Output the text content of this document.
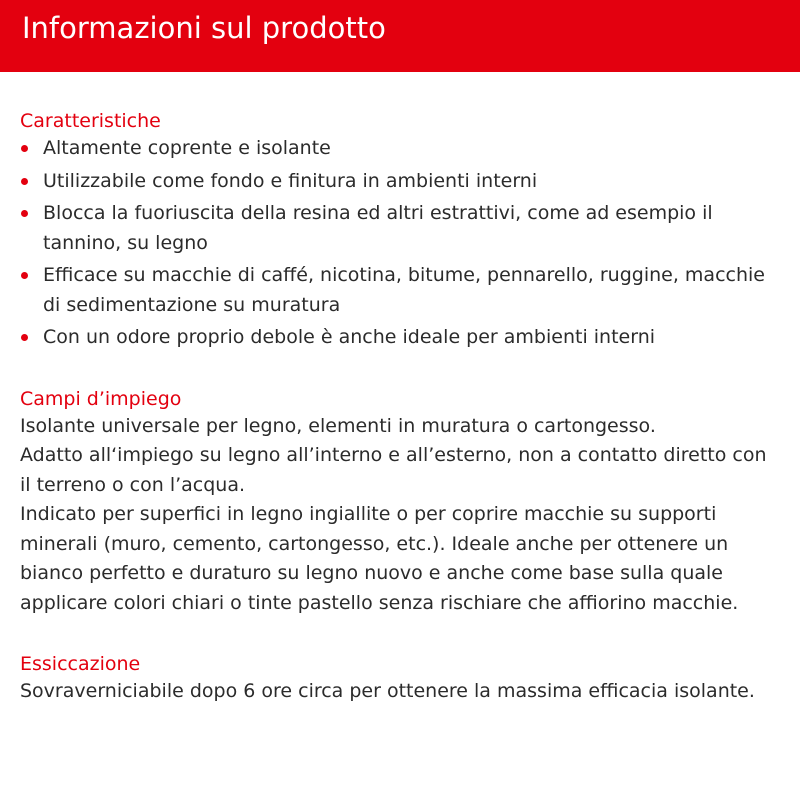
Informazioni sul prodotto
Caratteristiche
Altamente coprente e isolante
Utilizzabile come fondo e finitura in ambienti interni
Blocca la fuoriuscita della resina ed altri estrattivi, come ad esempio il tannino, su legno
Efficace su macchie di caffé, nicotina, bitume, pennarello, ruggine, macchie di sedimentazione su muratura
Con un odore proprio debole è anche ideale per ambienti interni
Campi d’impiego

Isolante universale per legno, elementi in muratura o cartongesso.

Adatto all‘impiego su legno all’interno e all’esterno, non a contatto diretto con il terreno o con l’acqua.

Indicato per superfici in legno ingiallite o per coprire macchie su supporti minerali (muro, cemento, cartongesso, etc.). Ideale anche per ottenere un bianco perfetto e duraturo su legno nuovo e anche come base sulla quale applicare colori chiari o tinte pastello senza rischiare che affiorino macchie.

Essiccazione

Sovraverniciabile dopo 6 ore circa per ottenere la massima efficacia isolante.
